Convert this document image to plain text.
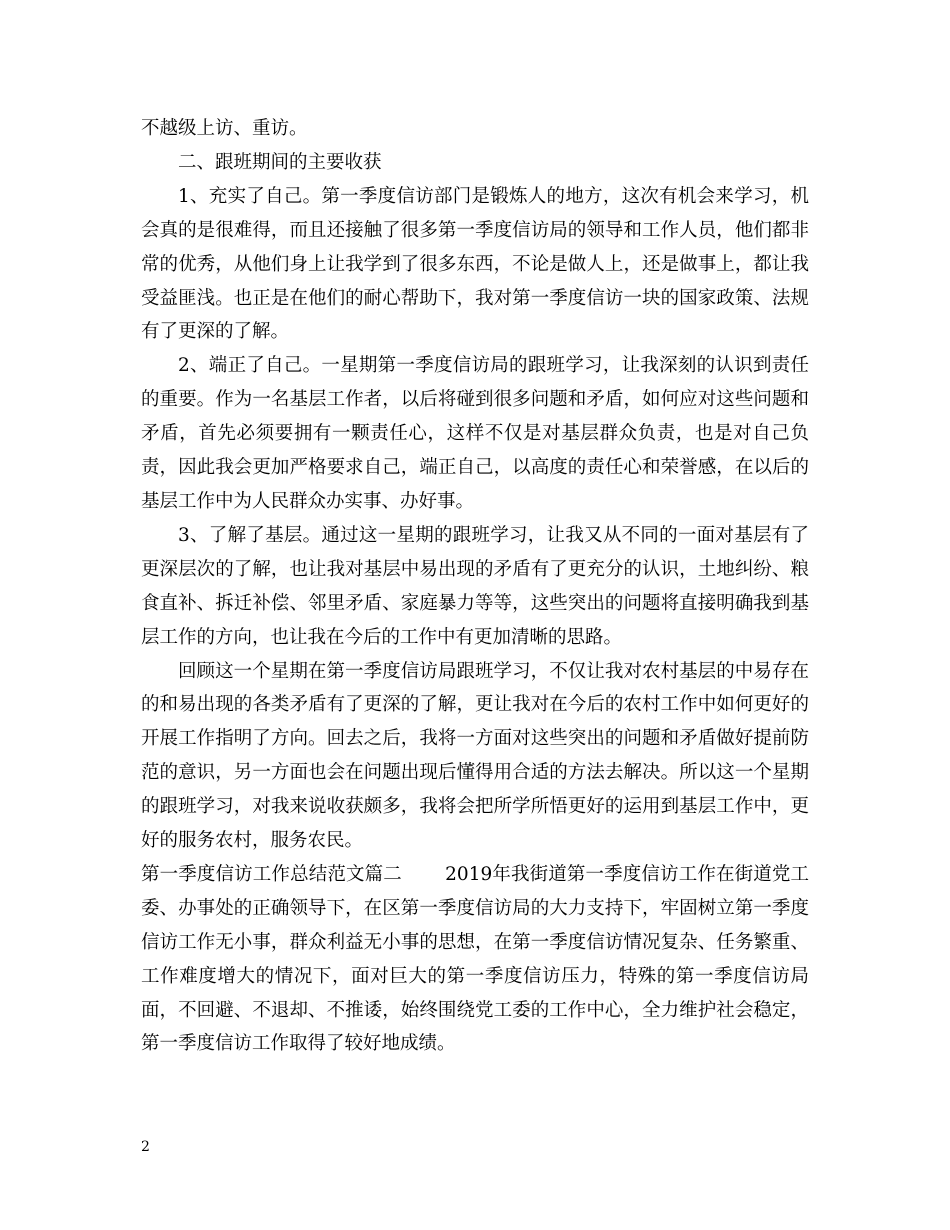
不越级上访、重访。

二、跟班期间的主要收获

1、充实了自己。第一季度信访部门是锻炼人的地方，这次有机会来学习，机会真的是很难得，而且还接触了很多第一季度信访局的领导和工作人员，他们都非常的优秀，从他们身上让我学到了很多东西，不论是做人上，还是做事上，都让我受益匪浅。也正是在他们的耐心帮助下，我对第一季度信访一块的国家政策、法规有了更深的了解。

2、端正了自己。一星期第一季度信访局的跟班学习，让我深刻的认识到责任的重要。作为一名基层工作者，以后将碰到很多问题和矛盾，如何应对这些问题和矛盾，首先必须要拥有一颗责任心，这样不仅是对基层群众负责，也是对自己负责，因此我会更加严格要求自己，端正自己，以高度的责任心和荣誉感，在以后的基层工作中为人民群众办实事、办好事。

3、了解了基层。通过这一星期的跟班学习，让我又从不同的一面对基层有了更深层次的了解，也让我对基层中易出现的矛盾有了更充分的认识，土地纠纷、粮食直补、拆迁补偿、邻里矛盾、家庭暴力等等，这些突出的问题将直接明确我到基层工作的方向，也让我在今后的工作中有更加清晰的思路。

回顾这一个星期在第一季度信访局跟班学习，不仅让我对农村基层的中易存在的和易出现的各类矛盾有了更深的了解，更让我对在今后的农村工作中如何更好的开展工作指明了方向。回去之后，我将一方面对这些突出的问题和矛盾做好提前防范的意识，另一方面也会在问题出现后懂得用合适的方法去解决。所以这一个星期的跟班学习，对我来说收获颇多，我将会把所学所悟更好的运用到基层工作中，更好的服务农村，服务农民。

第一季度信访工作总结范文篇二　　 2019年我街道第一季度信访工作在街道党工委、办事处的正确领导下，在区第一季度信访局的大力支持下，牢固树立第一季度信访工作无小事，群众利益无小事的思想，在第一季度信访情况复杂、任务繁重、工作难度增大的情况下，面对巨大的第一季度信访压力，特殊的第一季度信访局面，不回避、不退却、不推诿，始终围绕党工委的工作中心，全力维护社会稳定，第一季度信访工作取得了较好地成绩。

2
